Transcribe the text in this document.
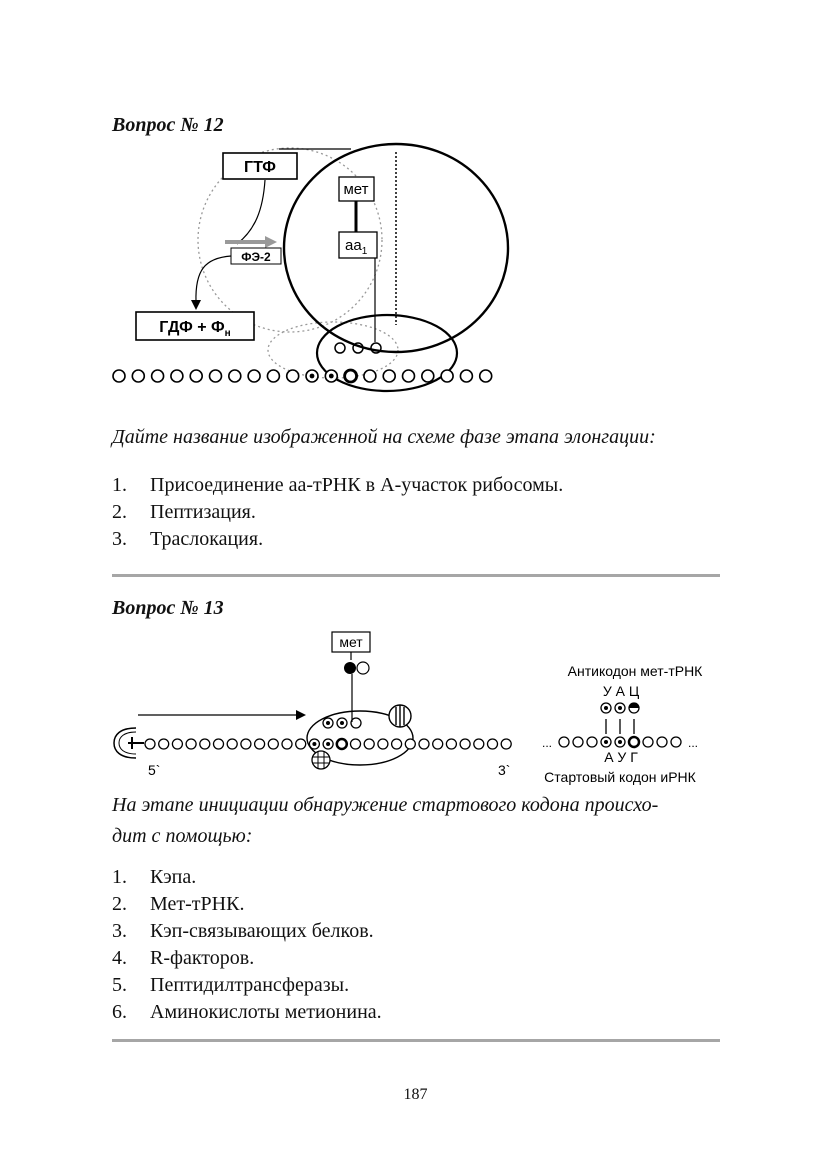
Вопрос № 12
ГТФ
мет
$аа_1$
ФЭ-2
ГДФ + $Ф_н$
Дайте название изображенной на схеме фазе этапа элонгации:
1.	Присоединение аа-тРНК в А-участок рибосомы.
2.	Пептизация.
3.	Траслокация.
Вопрос № 13
мет
5`	3`
Антикодон мет-тРНК
У А Ц
...	...
А У Г
Стартовый кодон иРНК
На этапе инициации обнаружение стартового кодона происхо-
дит с помощью:
1.	Кэпа.
2.	Мет-тРНК.
3.	Кэп-связывающих белков.
4.	R-факторов.
5.	Пептидилтрансферазы.
6.	Аминокислоты метионина.
187
